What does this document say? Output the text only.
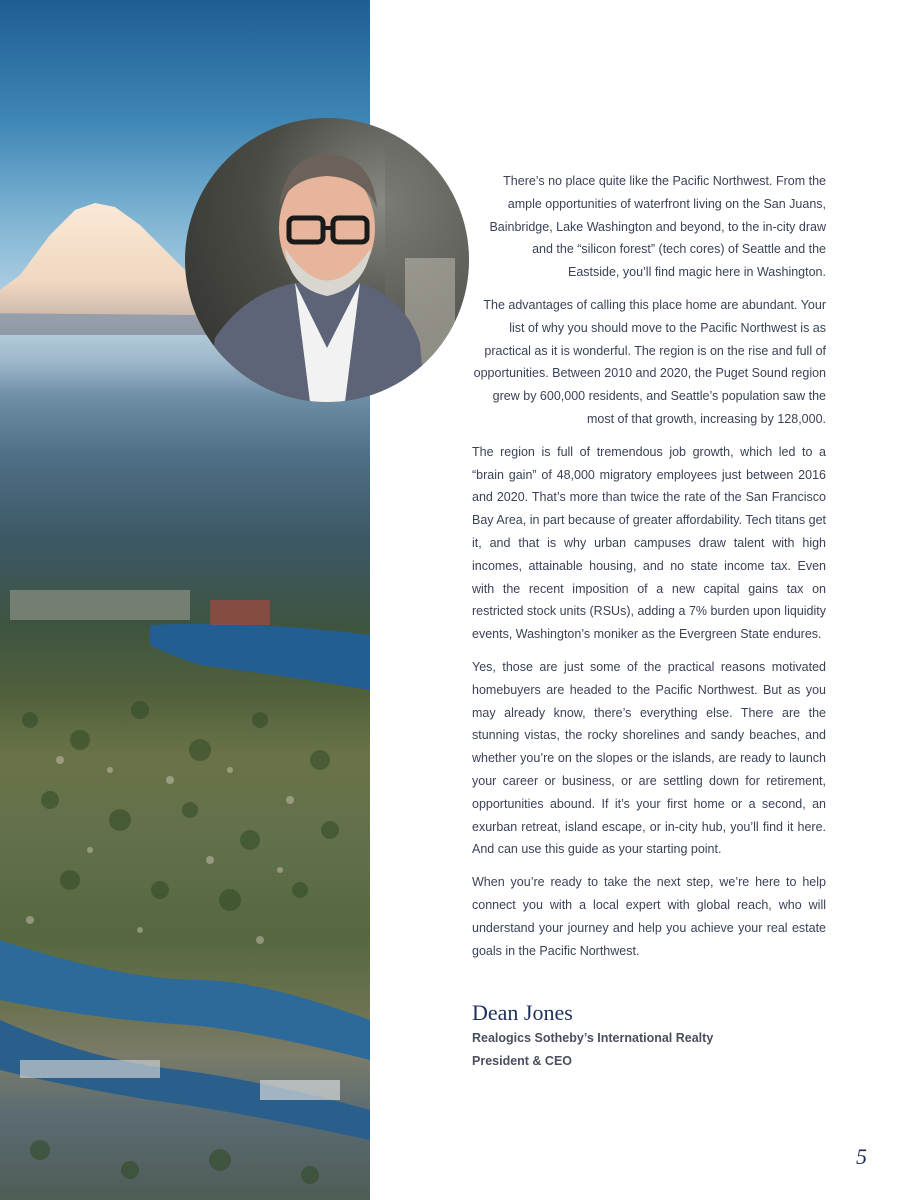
There’s no place quite like the Pacific Northwest. From the ample opportunities of waterfront living on the San Juans, Bainbridge, Lake Washington and beyond, to the in-city draw and the “silicon forest” (tech cores) of Seattle and the Eastside, you’ll find magic here in Washington.

The advantages of calling this place home are abundant. Your list of why you should move to the Pacific Northwest is as practical as it is wonderful. The region is on the rise and full of opportunities. Between 2010 and 2020, the Puget Sound region grew by 600,000 residents, and Seattle’s population saw the most of that growth, increasing by 128,000.

The region is full of tremendous job growth, which led to a “brain gain” of 48,000 migratory employees just between 2016 and 2020. That’s more than twice the rate of the San Francisco Bay Area, in part because of greater affordability. Tech titans get it, and that is why urban campuses draw talent with high incomes, attainable housing, and no state income tax. Even with the recent imposition of a new capital gains tax on restricted stock units (RSUs), adding a 7% burden upon liquidity events, Washington’s moniker as the Evergreen State endures.

Yes, those are just some of the practical reasons motivated homebuyers are headed to the Pacific Northwest. But as you may already know, there’s everything else. There are the stunning vistas, the rocky shorelines and sandy beaches, and whether you’re on the slopes or the islands, are ready to launch your career or business, or are settling down for retirement, opportunities abound. If it’s your first home or a second, an exurban retreat, island escape, or in-city hub, you’ll find it here. And can use this guide as your starting point.

When you’re ready to take the next step, we’re here to help connect you with a local expert with global reach, who will understand your journey and help you achieve your real estate goals in the Pacific Northwest.

Dean Jones
Realogics Sotheby’s International Realty
President & CEO
5
